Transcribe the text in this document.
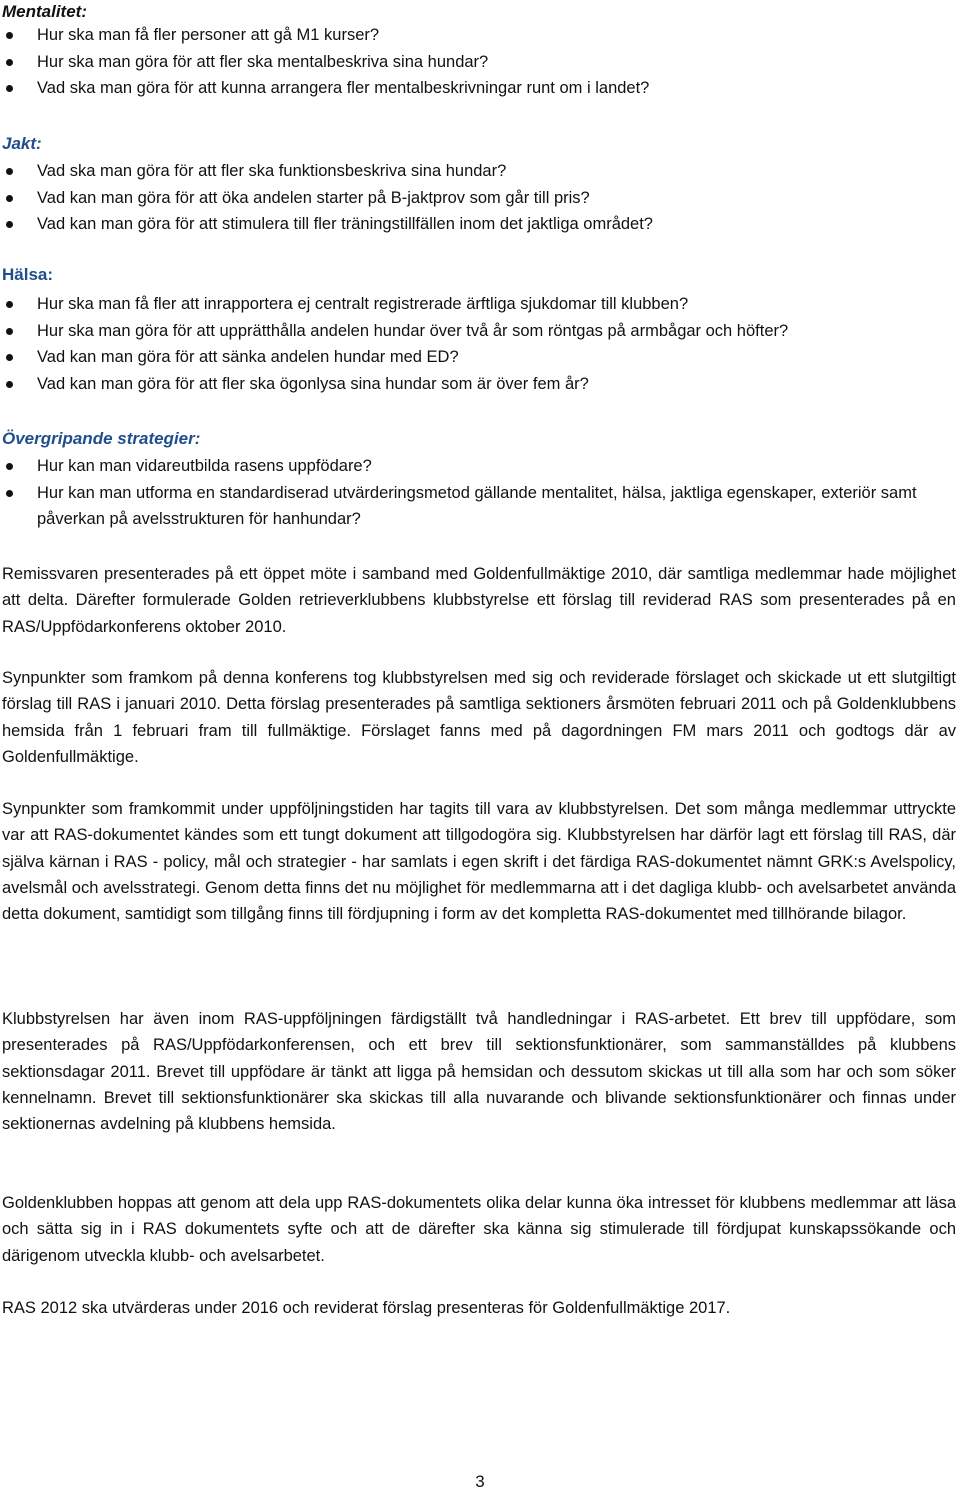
Mentalitet:
Hur ska man få fler personer att gå M1 kurser?
Hur ska man göra för att fler ska mentalbeskriva sina hundar?
Vad ska man göra för att kunna arrangera fler mentalbeskrivningar runt om i landet?
Jakt:
Vad ska man göra för att fler ska funktionsbeskriva sina hundar?
Vad kan man göra för att öka andelen starter på B-jaktprov som går till pris?
Vad kan man göra för att stimulera till fler träningstillfällen inom det jaktliga området?
Hälsa:
Hur ska man få fler att inrapportera ej centralt registrerade ärftliga sjukdomar till klubben?
Hur ska man göra för att upprätthålla andelen hundar över två år som röntgas på armbågar och höfter?
Vad kan man göra för att sänka andelen hundar med ED?
Vad kan man göra för att fler ska ögonlysa sina hundar som är över fem år?
Övergripande strategier:
Hur kan man vidareutbilda rasens uppfödare?
Hur kan man utforma en standardiserad utvärderingsmetod gällande mentalitet, hälsa, jaktliga egenskaper, exteriör samt påverkan på avelsstrukturen för hanhundar?

Remissvaren presenterades på ett öppet möte i samband med Goldenfullmäktige 2010, där samtliga medlemmar hade möjlighet att delta. Därefter formulerade Golden retrieverklubbens klubbstyrelse ett förslag till reviderad RAS som presenterades på en RAS/Uppfödarkonferens oktober 2010.

Synpunkter som framkom på denna konferens tog klubbstyrelsen med sig och reviderade förslaget och skickade ut ett slutgiltigt förslag till RAS i januari 2010. Detta förslag presenterades på samtliga sektioners årsmöten februari 2011 och på Goldenklubbens hemsida från 1 februari fram till fullmäktige. Förslaget fanns med på dagordningen FM mars 2011 och godtogs där av Goldenfullmäktige.

Synpunkter som framkommit under uppföljningstiden har tagits till vara av klubbstyrelsen. Det som många medlemmar uttryckte var att RAS-dokumentet kändes som ett tungt dokument att tillgodogöra sig. Klubbstyrelsen har därför lagt ett förslag till RAS, där själva kärnan i RAS - policy, mål och strategier - har samlats i egen skrift i det färdiga RAS-dokumentet nämnt GRK:s Avelspolicy, avelsmål och avelsstrategi. Genom detta finns det nu möjlighet för medlemmarna att i det dagliga klubb- och avelsarbetet använda detta dokument, samtidigt som tillgång finns till fördjupning i form av det kompletta RAS-dokumentet med tillhörande bilagor.

Klubbstyrelsen har även inom RAS-uppföljningen färdigställt två handledningar i RAS-arbetet. Ett brev till uppfödare, som presenterades på RAS/Uppfödarkonferensen, och ett brev till sektionsfunktionärer, som sammanställdes på klubbens sektionsdagar 2011. Brevet till uppfödare är tänkt att ligga på hemsidan och dessutom skickas ut till alla som har och som söker kennelnamn. Brevet till sektionsfunktionärer ska skickas till alla nuvarande och blivande sektionsfunktionärer och finnas under sektionernas avdelning på klubbens hemsida.

Goldenklubben hoppas att genom att dela upp RAS-dokumentets olika delar kunna öka intresset för klubbens medlemmar att läsa och sätta sig in i RAS dokumentets syfte och att de därefter ska känna sig stimulerade till fördjupat kunskapssökande och därigenom utveckla klubb- och avelsarbetet.

RAS 2012 ska utvärderas under 2016 och reviderat förslag presenteras för Goldenfullmäktige 2017.

3
